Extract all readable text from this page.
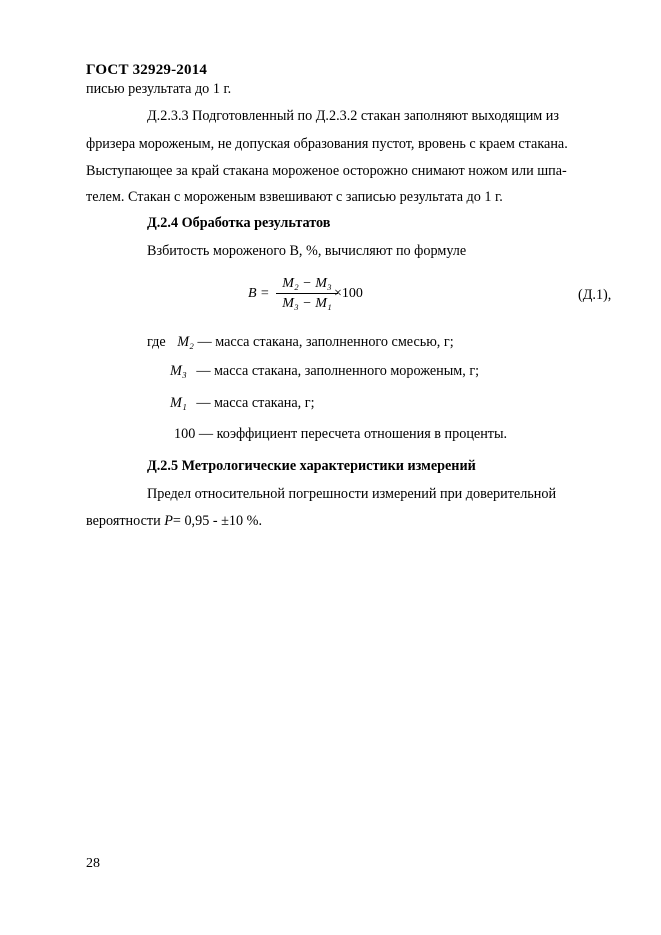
ГОСТ 32929-2014
писью результата до 1 г.
Д.2.3.3 Подготовленный по Д.2.3.2 стакан заполняют выходящим из
фризера мороженым, не допуская образования пустот, вровень с краем стакана.
Выступающее за край стакана мороженое осторожно снимают ножом или шпа-
телем. Стакан с мороженым взвешивают с записью результата до 1 г.
Д.2.4 Обработка результатов
Взбитость мороженого В, %, вычисляют по формуле
B =
M₂ − M₃
M₃ − M₁
×100	(Д.1),
где M₂ — масса стакана, заполненного смесью, г;
M₃ — масса стакана, заполненного мороженым, г;
M₁ — масса стакана, г;
100 — коэффициент пересчета отношения в проценты.
Д.2.5 Метрологические характеристики измерений
Предел относительной погрешности измерений при доверительной
вероятности P= 0,95 - ±10 %.
28
